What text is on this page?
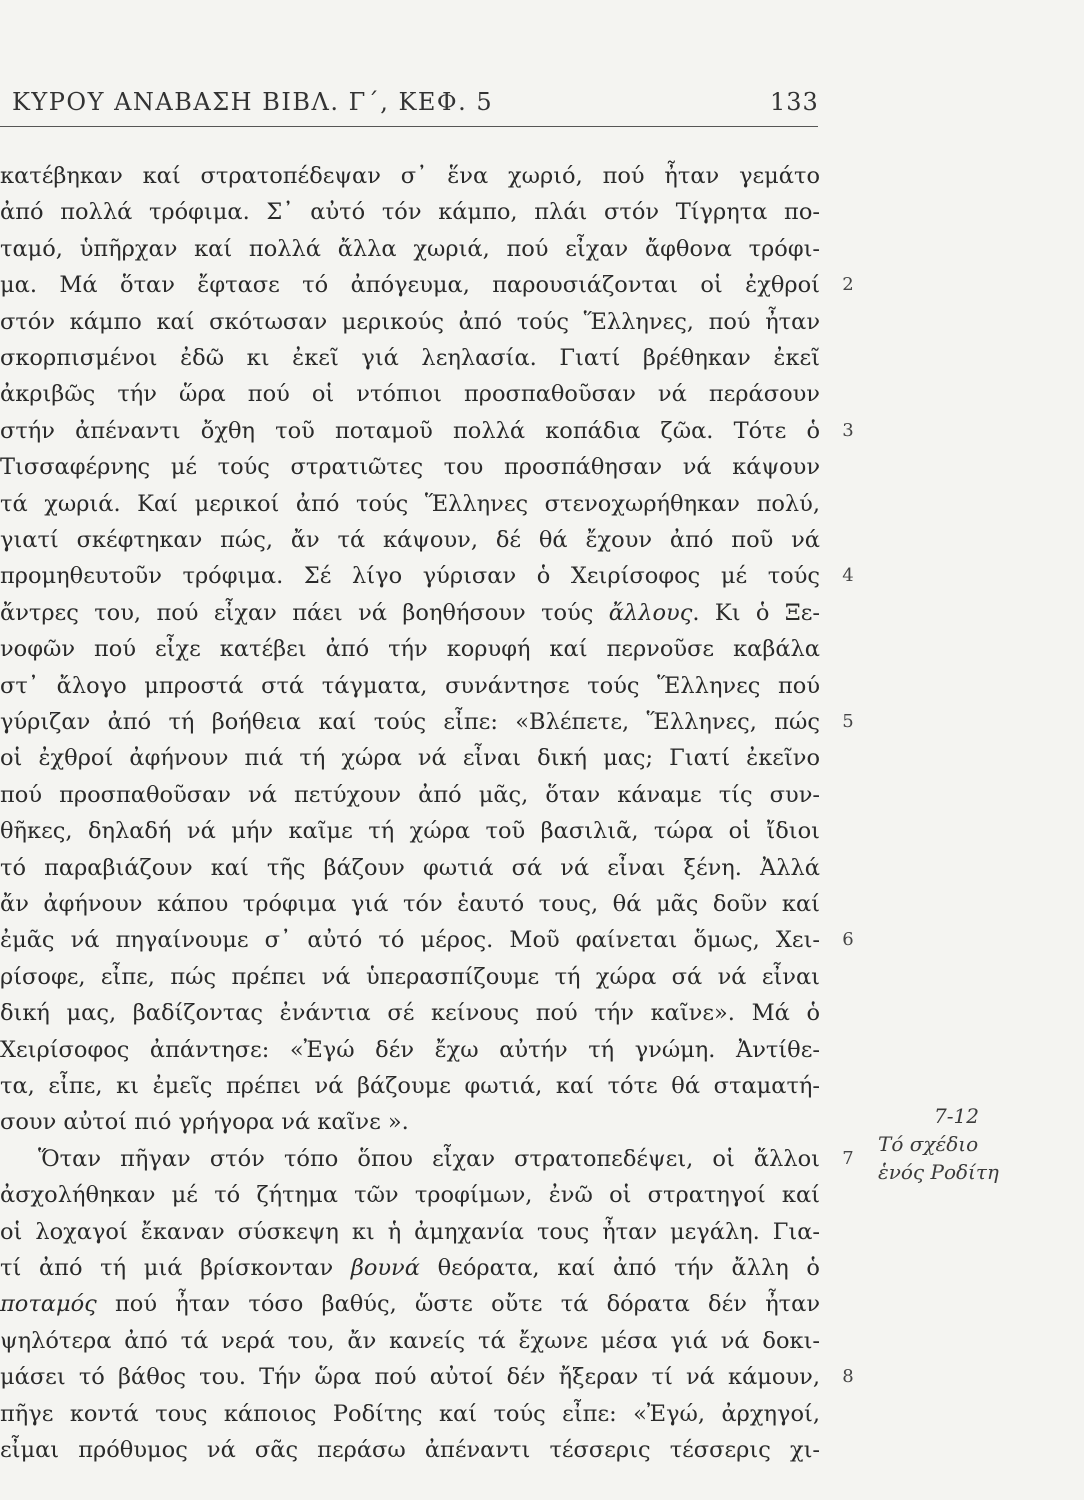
ΚΥΡΟΥ ΑΝΑΒΑΣΗ ΒΙΒΛ. Γ΄, ΚΕΦ. 5	133
κατέβηκαν καί στρατοπέδεψαν σ᾽ ἕνα χωριό, πού ἦταν γεμάτο
ἀπό πολλά τρόφιμα. Σ᾽ αὐτό τόν κάμπο, πλάι στόν Τίγρητα πο-
ταμό, ὑπῆρχαν καί πολλά ἄλλα χωριά, πού εἶχαν ἄφθονα τρόφι-
μα. Μά ὅταν ἔφτασε τό ἀπόγευμα, παρουσιάζονται οἱ ἐχθροί
στόν κάμπο καί σκότωσαν μερικούς ἀπό τούς Ἕλληνες, πού ἦταν
σκορπισμένοι ἐδῶ κι ἐκεῖ γιά λεηλασία. Γιατί βρέθηκαν ἐκεῖ
ἀκριβῶς τήν ὥρα πού οἱ ντόπιοι προσπαθοῦσαν νά περάσουν
στήν ἀπέναντι ὄχθη τοῦ ποταμοῦ πολλά κοπάδια ζῶα. Τότε ὁ
Τισσαφέρνης μέ τούς στρατιῶτες του προσπάθησαν νά κάψουν
τά χωριά. Καί μερικοί ἀπό τούς Ἕλληνες στενοχωρήθηκαν πολύ,
γιατί σκέφτηκαν πώς, ἄν τά κάψουν, δέ θά ἔχουν ἀπό ποῦ νά
προμηθευτοῦν τρόφιμα. Σέ λίγο γύρισαν ὁ Χειρίσοφος μέ τούς
ἄντρες του, πού εἶχαν πάει νά βοηθήσουν τούς ἄλλους. Κι ὁ Ξε-
νοφῶν πού εἶχε κατέβει ἀπό τήν κορυφή καί περνοῦσε καβάλα
στ᾽ ἄλογο μπροστά στά τάγματα, συνάντησε τούς Ἕλληνες πού
γύριζαν ἀπό τή βοήθεια καί τούς εἶπε: «Βλέπετε, Ἕλληνες, πώς
οἱ ἐχθροί ἀφήνουν πιά τή χώρα νά εἶναι δική μας; Γιατί ἐκεῖνο
πού προσπαθοῦσαν νά πετύχουν ἀπό μᾶς, ὅταν κάναμε τίς συν-
θῆκες, δηλαδή νά μήν καῖμε τή χώρα τοῦ βασιλιᾶ, τώρα οἱ ἴδιοι
τό παραβιάζουν καί τῆς βάζουν φωτιά σά νά εἶναι ξένη. Ἀλλά
ἄν ἀφήνουν κάπου τρόφιμα γιά τόν ἑαυτό τους, θά μᾶς δοῦν καί
ἐμᾶς νά πηγαίνουμε σ᾽ αὐτό τό μέρος. Μοῦ φαίνεται ὅμως, Χει-
ρίσοφε, εἶπε, πώς πρέπει νά ὑπερασπίζουμε τή χώρα σά νά εἶναι
δική μας, βαδίζοντας ἐνάντια σέ κείνους πού τήν καῖνε». Μά ὁ
Χειρίσοφος ἀπάντησε: «Ἐγώ δέν ἔχω αὐτήν τή γνώμη. Ἀντίθε-
τα, εἶπε, κι ἐμεῖς πρέπει νά βάζουμε φωτιά, καί τότε θά σταματή-
σουν αὐτοί πιό γρήγορα νά καῖνε ».
Ὅταν πῆγαν στόν τόπο ὅπου εἶχαν στρατοπεδέψει, οἱ ἄλλοι
ἀσχολήθηκαν μέ τό ζήτημα τῶν τροφίμων, ἐνῶ οἱ στρατηγοί καί
οἱ λοχαγοί ἔκαναν σύσκεψη κι ἡ ἀμηχανία τους ἦταν μεγάλη. Για-
τί ἀπό τή μιά βρίσκονταν βουνά θεόρατα, καί ἀπό τήν ἄλλη ὁ
ποταμός πού ἦταν τόσο βαθύς, ὥστε οὔτε τά δόρατα δέν ἦταν
ψηλότερα ἀπό τά νερά του, ἄν κανείς τά ἔχωνε μέσα γιά νά δοκι-
μάσει τό βάθος του. Τήν ὥρα πού αὐτοί δέν ἤξεραν τί νά κάμουν,
πῆγε κοντά τους κάποιος Ροδίτης καί τούς εἶπε: «Ἐγώ, ἀρχηγοί,
εἶμαι πρόθυμος νά σᾶς περάσω ἀπέναντι τέσσερις τέσσερις χι-
2
3
4
5
6
7
8
7-12
Τό σχέδιο
ἑνός Ροδίτη
